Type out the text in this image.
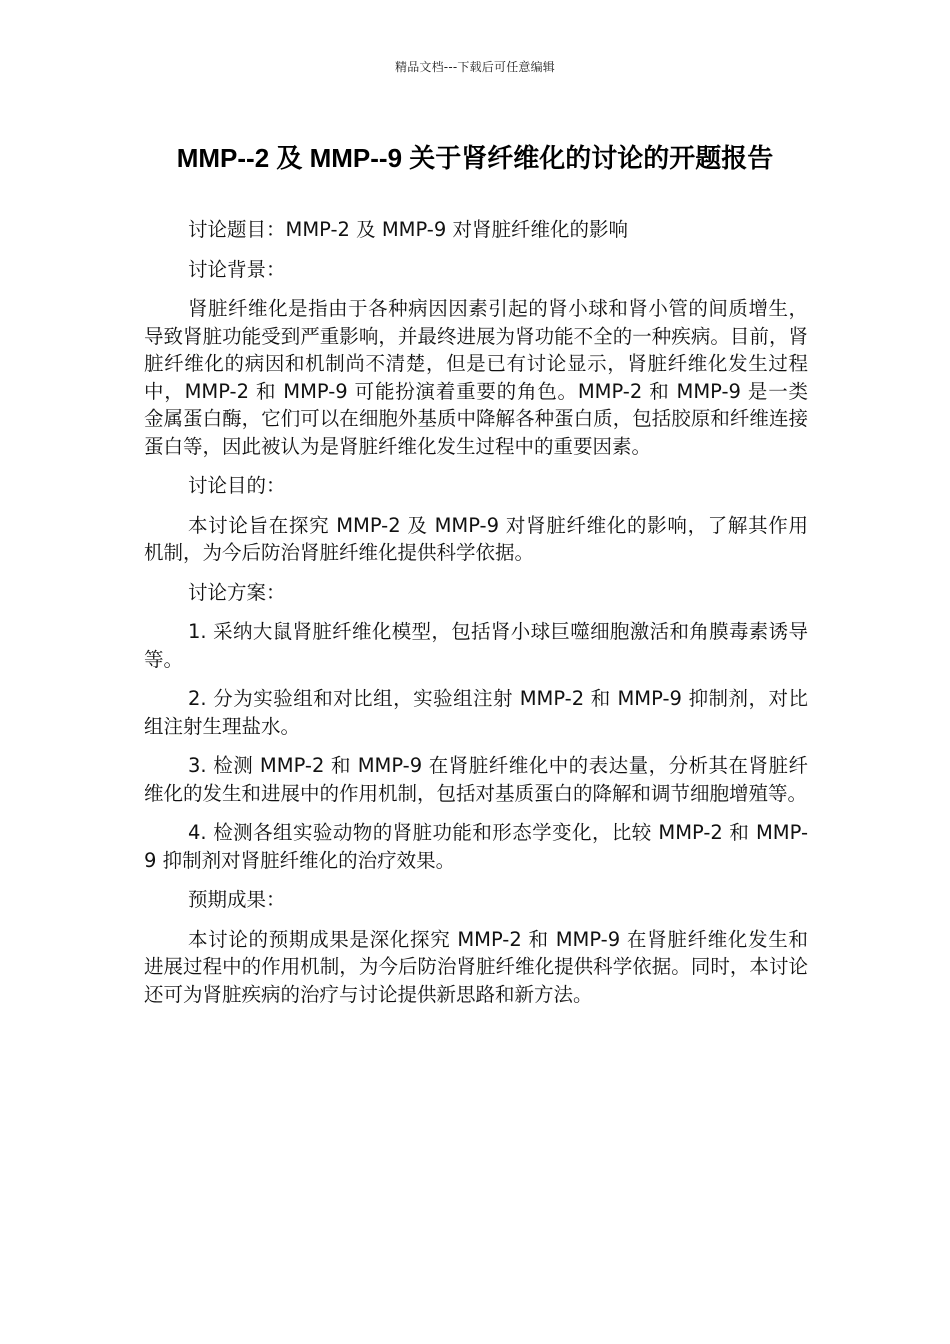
精品文档---下载后可任意编辑
MMP--2 及 MMP--9 关于肾纤维化的讨论的开题报告

讨论题目：MMP-2 及 MMP-9 对肾脏纤维化的影响

讨论背景：

肾脏纤维化是指由于各种病因因素引起的肾小球和肾小管的间质增生，导致肾脏功能受到严重影响，并最终进展为肾功能不全的一种疾病。目前，肾脏纤维化的病因和机制尚不清楚，但是已有讨论显示，肾脏纤维化发生过程中，MMP-2 和 MMP-9 可能扮演着重要的角色。MMP-2 和 MMP-9 是一类金属蛋白酶，它们可以在细胞外基质中降解各种蛋白质，包括胶原和纤维连接蛋白等，因此被认为是肾脏纤维化发生过程中的重要因素。

讨论目的：

本讨论旨在探究 MMP-2 及 MMP-9 对肾脏纤维化的影响，了解其作用机制，为今后防治肾脏纤维化提供科学依据。

讨论方案：

1. 采纳大鼠肾脏纤维化模型，包括肾小球巨噬细胞激活和角膜毒素诱导等。

2. 分为实验组和对比组，实验组注射 MMP-2 和 MMP-9 抑制剂，对比组注射生理盐水。

3. 检测 MMP-2 和 MMP-9 在肾脏纤维化中的表达量，分析其在肾脏纤维化的发生和进展中的作用机制，包括对基质蛋白的降解和调节细胞增殖等。

4. 检测各组实验动物的肾脏功能和形态学变化，比较 MMP-2 和 MMP-9 抑制剂对肾脏纤维化的治疗效果。

预期成果：

本讨论的预期成果是深化探究 MMP-2 和 MMP-9 在肾脏纤维化发生和进展过程中的作用机制，为今后防治肾脏纤维化提供科学依据。同时，本讨论还可为肾脏疾病的治疗与讨论提供新思路和新方法。
